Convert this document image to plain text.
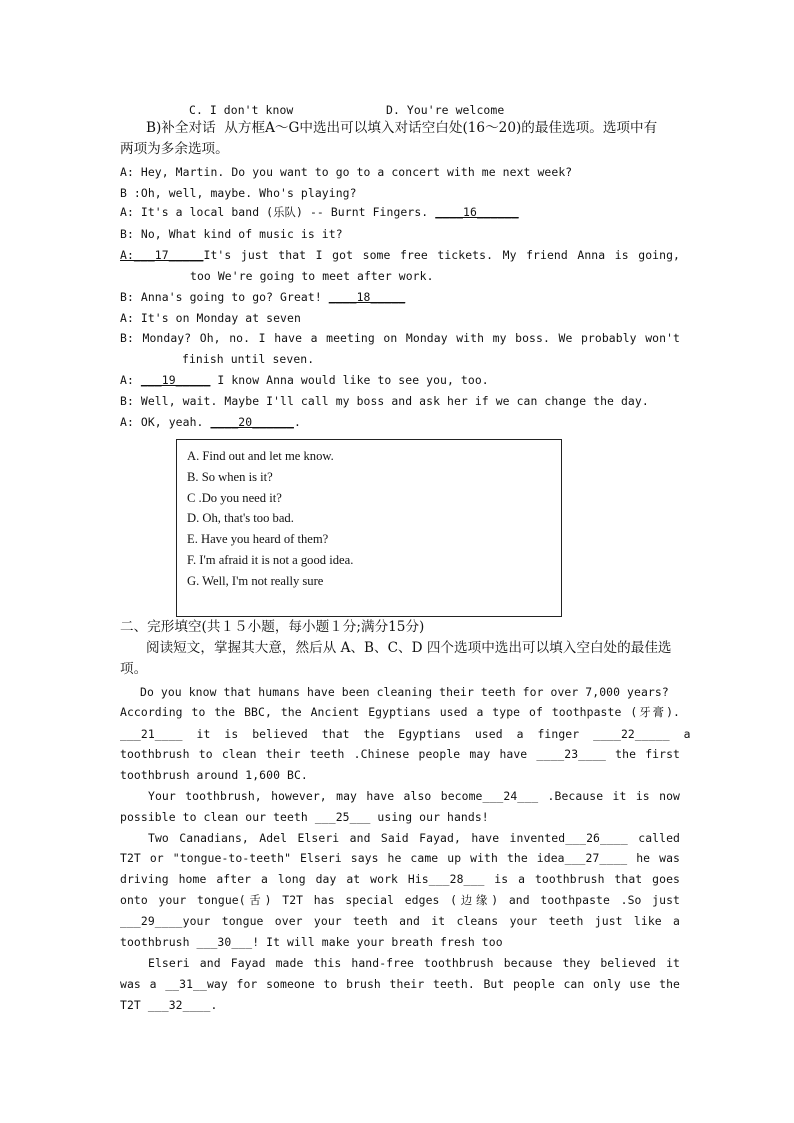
C. I don't know	D. You're welcome
B)补全对话  从方框A～G中选出可以填入对话空白处(16～20)的最佳选项。选项中有
两项为多余选项。
A: Hey, Martin. Do you want to go to a concert with me next week?
B :Oh, well, maybe. Who's playing?
A: It's a local band (乐队) -- Burnt Fingers. ____16______
B: No, What kind of music is it?
A:___17_____It's just that I got some free tickets. My friend Anna is going,
too We're going to meet after work.
B: Anna's going to go? Great! ____18_____
A: It's on Monday at seven
B: Monday? Oh, no. I have a meeting on Monday with my boss. We probably won't
finish until seven.
A: ___19_____ I know Anna would like to see you, too.
B: Well, wait. Maybe I'll call my boss and ask her if we can change the day.
A: OK, yeah. ____20______.
A. Find out and let me know.
B. So when is it?
C .Do you need it?
D. Oh, that's too bad.
E. Have you heard of them?
F. I'm afraid it is not a good idea.
G. Well, I'm not really sure
二、完形填空(共１５小题，每小题１分;满分15分)
阅读短文，掌握其大意，然后从 A、B、C、D 四个选项中选出可以填入空白处的最佳选
项。
Do you know that humans have been cleaning their teeth for over 7,000 years?
According to the BBC, the Ancient Egyptians used a type of toothpaste (牙膏).
___21____  it  is  believed  that  the  Egyptians  used  a  finger  ____22_____  a
toothbrush to clean their teeth .Chinese people may have ____23____ the first
toothbrush around 1,600 BC.
Your toothbrush, however, may have also become___24___ .Because it is now
possible to clean our teeth ___25___ using our hands!
Two Canadians, Adel Elseri and Said Fayad, have invented___26____ called
T2T or "tongue-to-teeth" Elseri says he came up with the idea___27____ he was
driving home after a long day at work His___28___ is a toothbrush that goes
onto your tongue(舌) T2T has special edges (边缘) and toothpaste .So just
___29____your tongue over your teeth and it cleans your teeth just like a
toothbrush ___30___! It will make your breath fresh too
Elseri and Fayad made this hand-free toothbrush because they believed it
was a __31__way for someone to brush their teeth. But people can only use the
T2T ___32____.
